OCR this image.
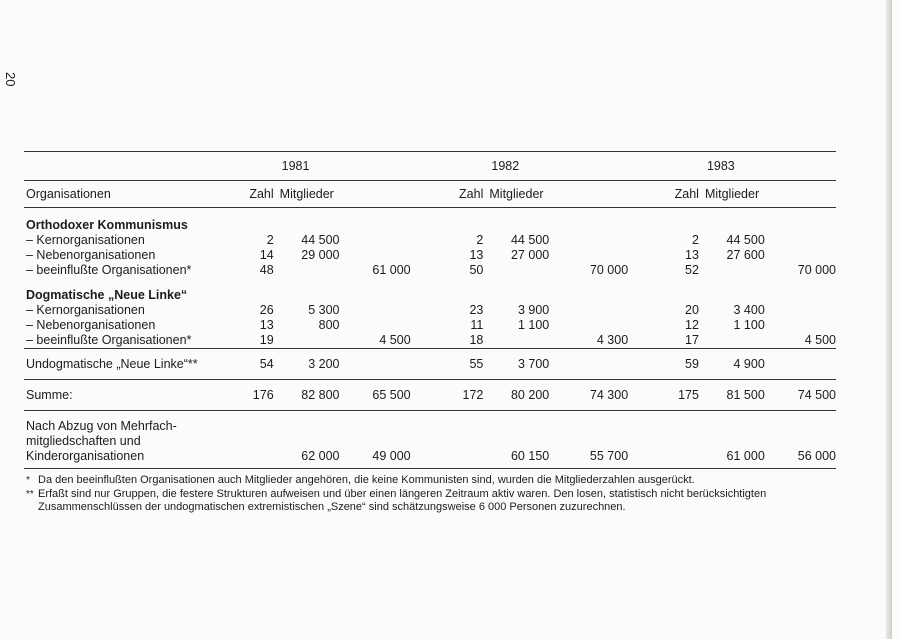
20

		1981			1982			1983	
Organisationen	Zahl	Mitglieder		Zahl	Mitglieder		Zahl	Mitglieder	

Orthodoxer Kommunismus									
– Kernorganisationen	2	44 500		2	44 500		2	44 500	
– Nebenorganisationen	14	29 000		13	27 000		13	27 600	
– beeinflußte Organisationen*	48		61 000	50		70 000	52		70 000

Dogmatische „Neue Linke“									
– Kernorganisationen	26	5 300		23	3 900		20	3 400	
– Nebenorganisationen	13	800		11	1 100		12	1 100	
– beeinflußte Organisationen*	19		4 500	18		4 300	17		4 500
Undogmatische „Neue Linke“**	54	3 200		55	3 700		59	4 900	
Summe:	176	82 800	65 500	172	80 200	74 300	175	81 500	74 500

Nach Abzug von Mehrfach-
mitgliedschaften und
Kinderorganisationen		62 000	49 000		60 150	55 700		61 000	56 000
* Da den beeinflußten Organisationen auch Mitglieder angehören, die keine Kommunisten sind, wurden die Mitgliederzahlen ausgerückt.
** Erfaßt sind nur Gruppen, die festere Strukturen aufweisen und über einen längeren Zeitraum aktiv waren. Den losen, statistisch nicht berücksichtigten Zusammenschlüssen der undogmatischen extremistischen „Szene“ sind schätzungsweise 6 000 Personen zuzurechnen.
